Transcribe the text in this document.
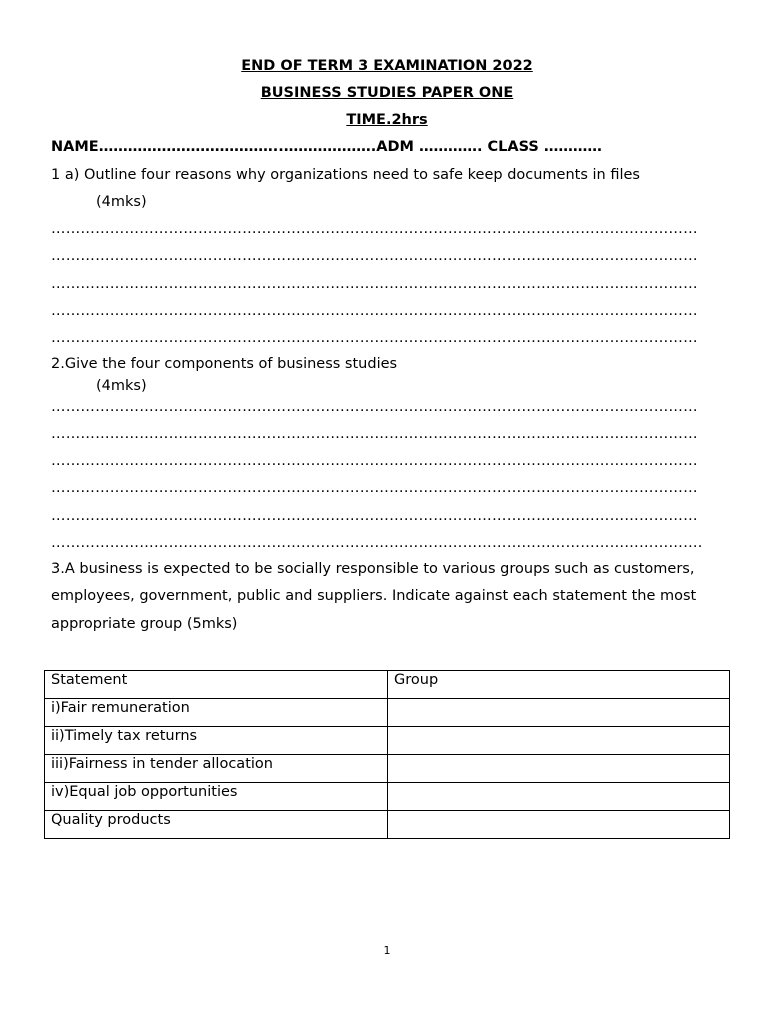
END OF TERM 3 EXAMINATION 2022
BUSINESS STUDIES PAPER ONE
TIME.2hrs
NAME………………………………..……………….ADM …………. CLASS …………
1 a) Outline four reasons why organizations need to safe keep documents in files
(4mks)
……………………………………………………………………………………………………………………
……………………………………………………………………………………………………………………
……………………………………………………………………………………………………………………
……………………………………………………………………………………………………………………
……………………………………………………………………………………………………………………
2.Give the four components of business studies
(4mks)
……………………………………………………………………………………………………………………
……………………………………………………………………………………………………………………
……………………………………………………………………………………………………………………
……………………………………………………………………………………………………………………
……………………………………………………………………………………………………………………
…………………………………………………………………………………………………………………….
3.A business is expected to be socially responsible to various groups such as customers,
employees, government, public and suppliers. Indicate against each statement the most
appropriate group (5mks)
Statement	Group
i)Fair remuneration	
ii)Timely tax returns	
iii)Fairness in tender allocation	
iv)Equal job opportunities	
Quality products	
1
